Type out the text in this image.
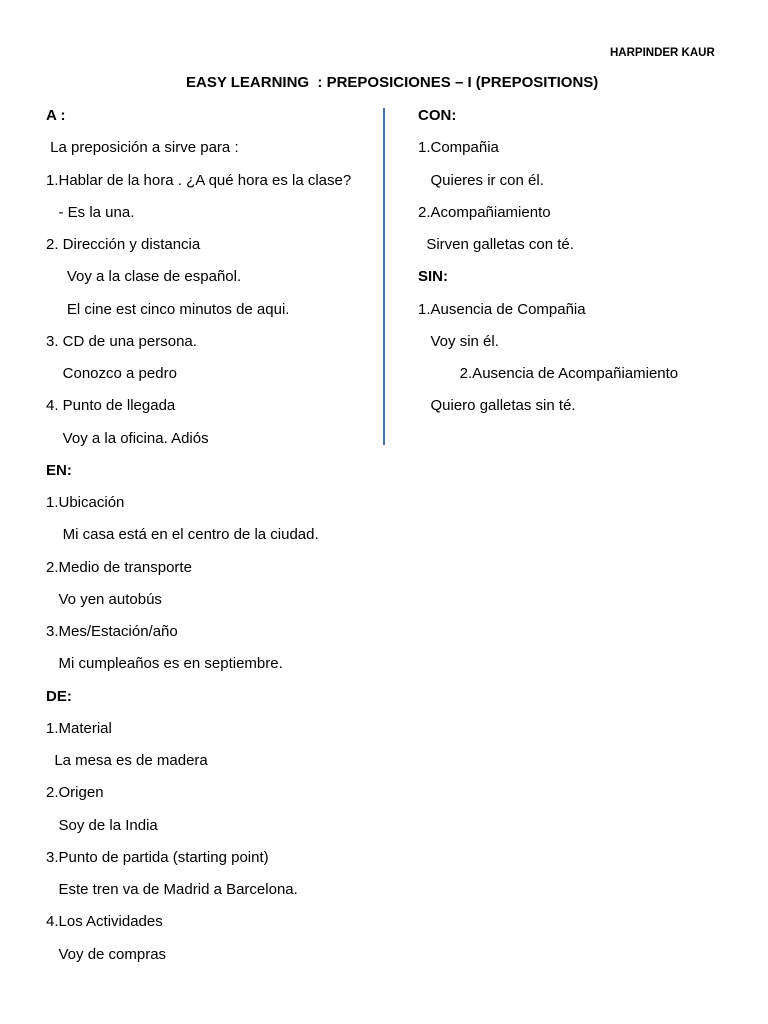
HARPINDER KAUR
EASY LEARNING  : PREPOSICIONES – I (PREPOSITIONS)
A :
La preposición a sirve para :
1.Hablar de la hora . ¿A qué hora es la clase?
- Es la una.
2. Dirección y distancia
Voy a la clase de español.
El cine est cinco minutos de aqui.
3. CD de una persona.
Conozco a pedro
4. Punto de llegada
Voy a la oficina. Adiós
EN:
1.Ubicación
Mi casa está en el centro de la ciudad.
2.Medio de transporte
Vo yen autobús
3.Mes/Estación/año
Mi cumpleaños es en septiembre.
DE:
1.Material
La mesa es de madera
2.Origen
Soy de la India
3.Punto de partida (starting point)
Este tren va de Madrid a Barcelona.
4.Los Actividades
Voy de compras
CON:
1.Compañia
Quieres ir con él.
2.Acompañiamiento
Sirven galletas con té.
SIN:
1.Ausencia de Compañia
Voy sin él.
2.Ausencia de Acompañiamiento
Quiero galletas sin té.
